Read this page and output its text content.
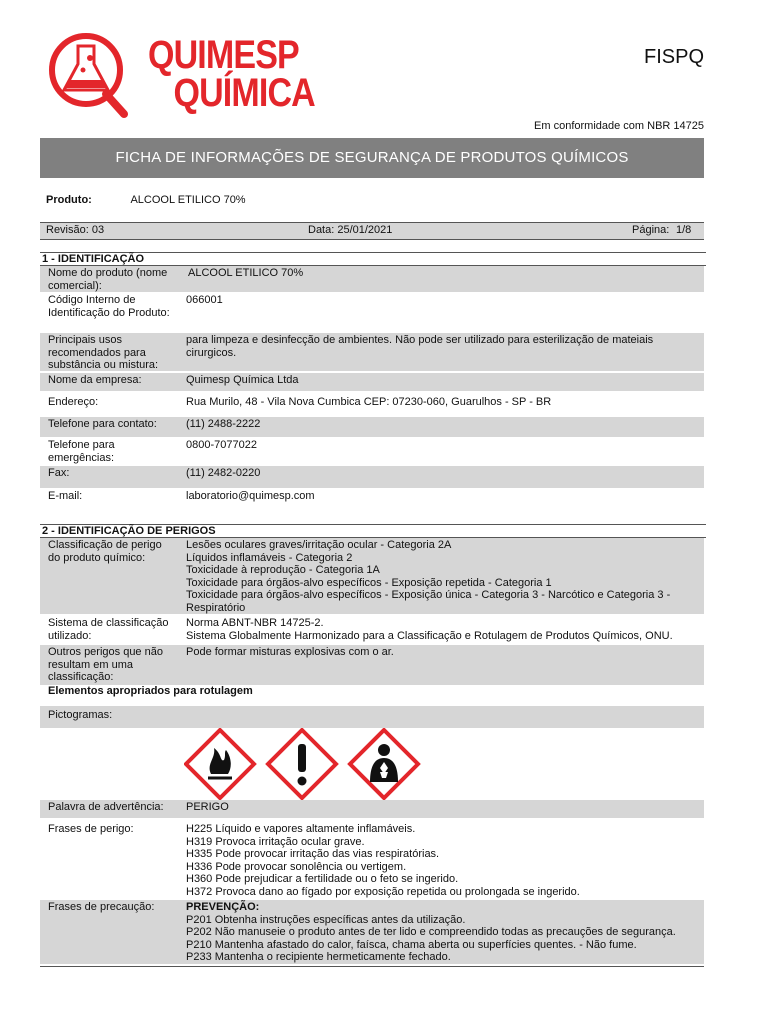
QUIMESP
QUÍMICA
FISPQ
Em conformidade com NBR 14725
FICHA DE INFORMAÇÕES DE SEGURANÇA DE PRODUTOS QUÍMICOS
Produto:	ALCOOL ETILICO 70%
Revisão: 03	Data: 25/01/2021	Página: 1/8
1 - IDENTIFICAÇÃO
Nome do produto (nome comercial):
ALCOOL ETILICO 70%
Código Interno de Identificação do Produto:
066001
Principais usos recomendados para substância ou mistura:
para limpeza e desinfecção de ambientes. Não pode ser utilizado para esterilização de mateiais cirurgicos.
Nome da empresa:	Quimesp Química Ltda
Endereço:	Rua Murilo, 48 - Vila Nova Cumbica CEP: 07230-060, Guarulhos - SP - BR
Telefone para contato:	(11) 2488-2222
Telefone para emergências:
0800-7077022
Fax:	(11) 2482-0220
E-mail:	laboratorio@quimesp.com
2 - IDENTIFICAÇÃO DE PERIGOS
Classificação de perigo do produto químico:
Lesões oculares graves/irritação ocular - Categoria 2A
Líquidos inflamáveis - Categoria 2
Toxicidade à reprodução - Categoria 1A
Toxicidade para órgãos-alvo específicos - Exposição repetida - Categoria 1
Toxicidade para órgãos-alvo específicos - Exposição única - Categoria 3 - Narcótico e Categoria 3 -
Respiratório
Sistema de classificação utilizado:
Norma ABNT-NBR 14725-2.
Sistema Globalmente Harmonizado para a Classificação e Rotulagem de Produtos Químicos, ONU.
Outros perigos que não resultam em uma classificação:
Pode formar misturas explosivas com o ar.
Elementos apropriados para rotulagem
Pictogramas:
Palavra de advertência:	PERIGO
Frases de perigo:	H225 Líquido e vapores altamente inflamáveis.
H319 Provoca irritação ocular grave.
H335 Pode provocar irritação das vias respiratórias.
H336 Pode provocar sonolência ou vertigem.
H360 Pode prejudicar a fertilidade ou o feto se ingerido.
H372 Provoca dano ao fígado por exposição repetida ou prolongada se ingerido.
Frases de precaução:	PREVENÇÃO:
P201 Obtenha instruções específicas antes da utilização.
P202 Não manuseie o produto antes de ter lido e compreendido todas as precauções de segurança.
P210 Mantenha afastado do calor, faísca, chama aberta ou superfícies quentes. - Não fume.
P233 Mantenha o recipiente hermeticamente fechado.
